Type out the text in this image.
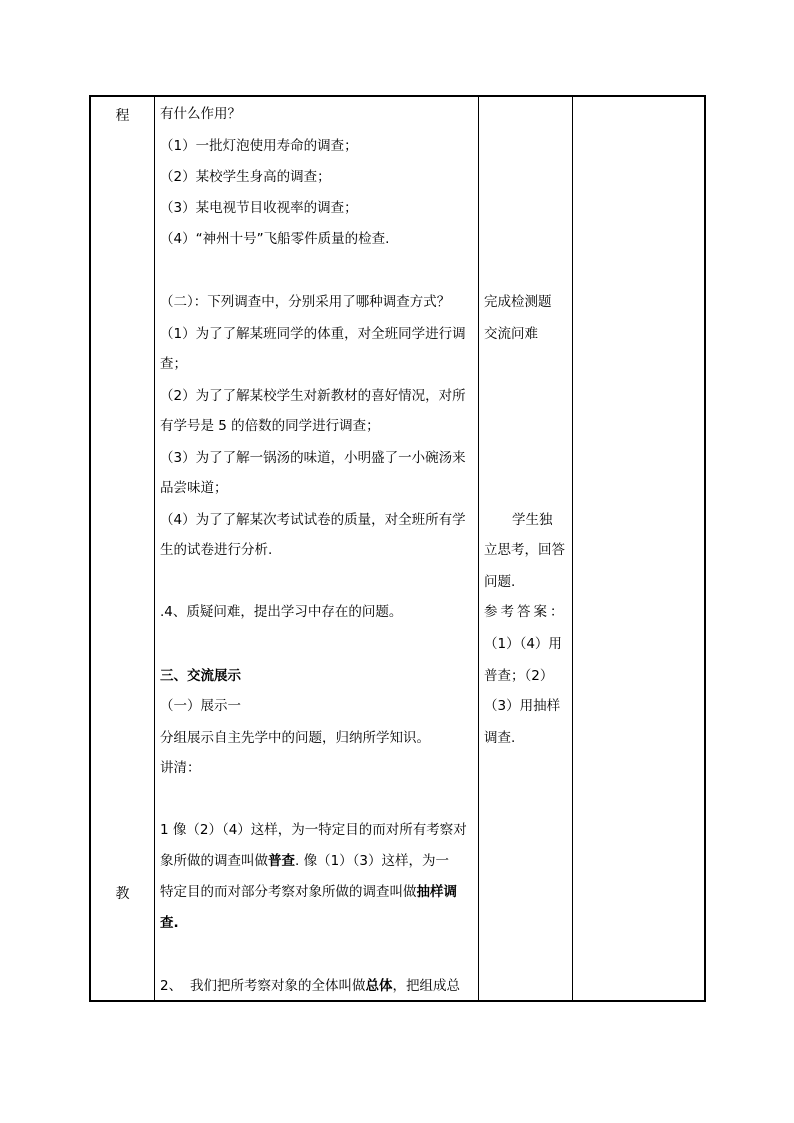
程
教
有什么作用？
（1）一批灯泡使用寿命的调查；
（2）某校学生身高的调查；
（3）某电视节目收视率的调查；
（4）“神州十号”飞船零件质量的检查.
（二）：下列调查中，分别采用了哪种调查方式？
（1）为了了解某班同学的体重，对全班同学进行调
查；
（2）为了了解某校学生对新教材的喜好情况，对所
有学号是 5 的倍数的同学进行调查；
（3）为了了解一锅汤的味道，小明盛了一小碗汤来
品尝味道；
（4）为了了解某次考试试卷的质量，对全班所有学
生的试卷进行分析.
.4、质疑问难，提出学习中存在的问题。
三、交流展示
（一）展示一
分组展示自主先学中的问题，归纳所学知识。
讲清：
1 像（2）（4）这样，为一特定目的而对所有考察对
象所做的调查叫做普查. 像（1）（3）这样，为一
特定目的而对部分考察对象所做的调查叫做抽样调
查.
2、 我们把所考察对象的全体叫做总体，把组成总
完成检测题
交流问难
学生独
立思考，回答
问题.
参考答案：
（1）（4）用
普查；（2）
（3）用抽样
调查.
